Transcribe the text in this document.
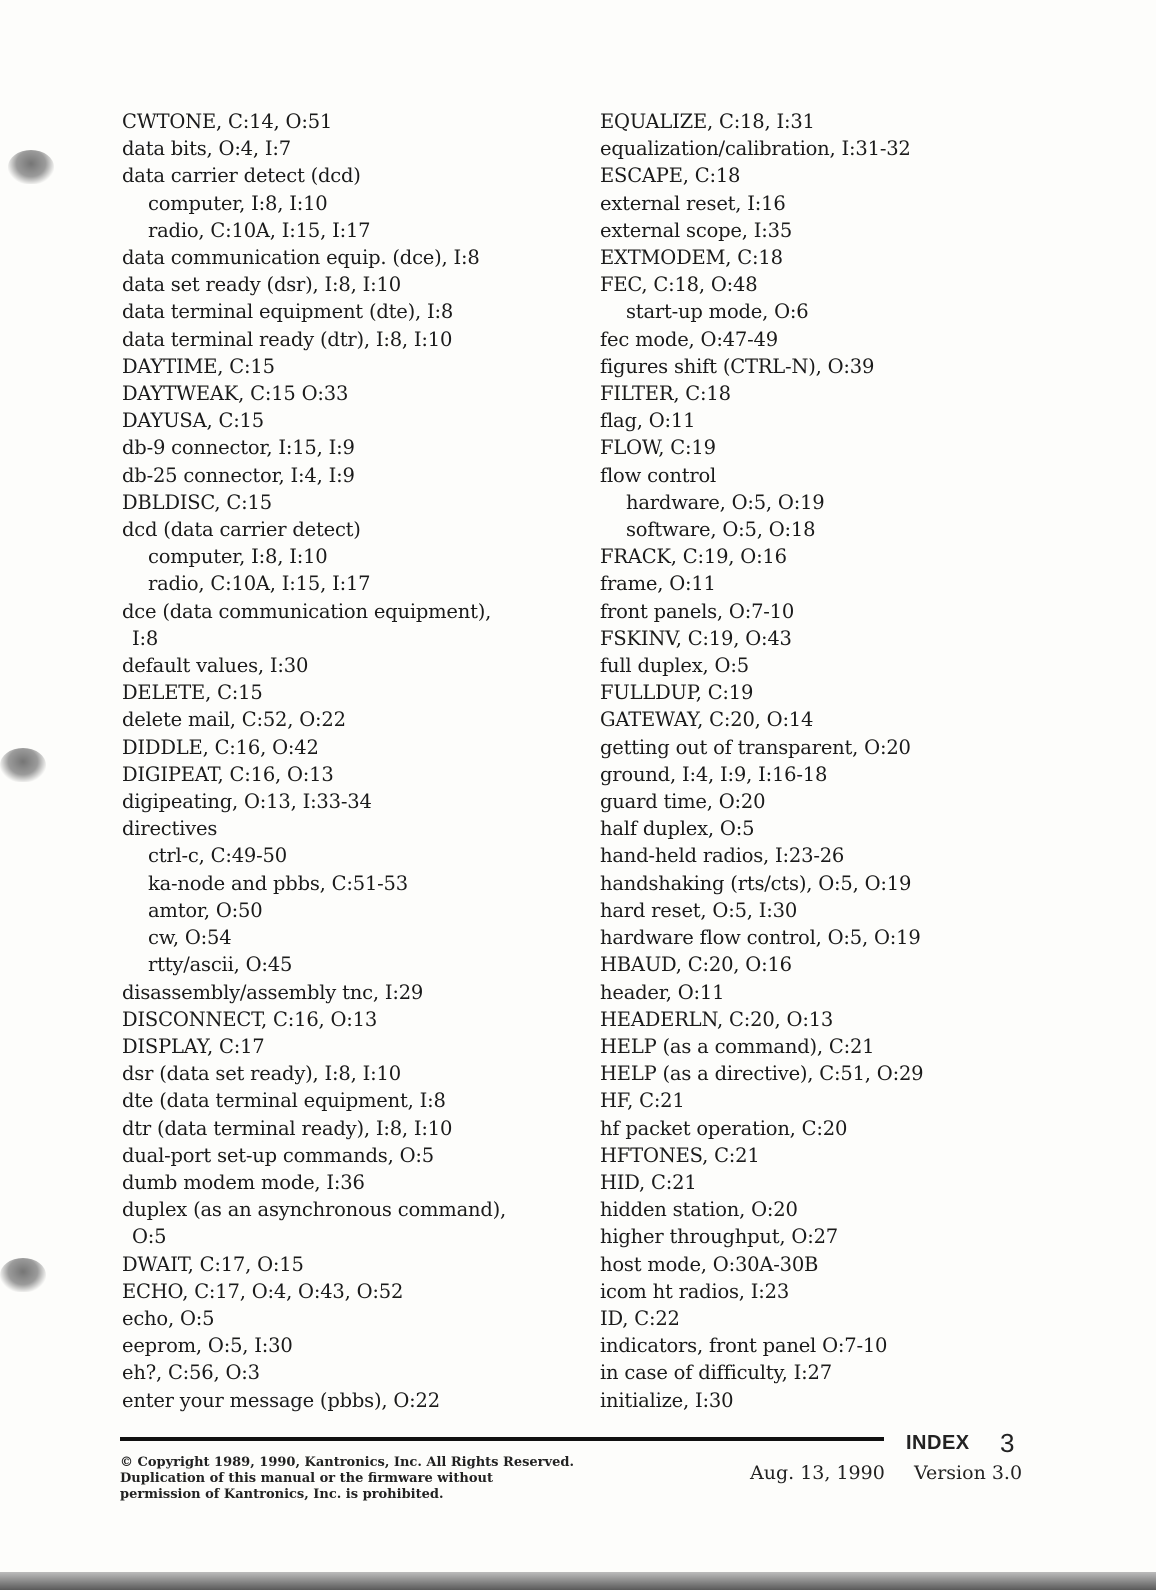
CWTONE, C:14, O:51
data bits, O:4, I:7
data carrier detect (dcd)
computer, I:8, I:10
radio, C:10A, I:15, I:17
data communication equip. (dce), I:8
data set ready (dsr), I:8, I:10
data terminal equipment (dte), I:8
data terminal ready (dtr), I:8, I:10
DAYTIME, C:15
DAYTWEAK, C:15 O:33
DAYUSA, C:15
db-9 connector, I:15, I:9
db-25 connector, I:4, I:9
DBLDISC, C:15
dcd (data carrier detect)
computer, I:8, I:10
radio, C:10A, I:15, I:17
dce (data communication equipment),
I:8
default values, I:30
DELETE, C:15
delete mail, C:52, O:22
DIDDLE, C:16, O:42
DIGIPEAT, C:16, O:13
digipeating, O:13, I:33-34
directives
ctrl-c, C:49-50
ka-node and pbbs, C:51-53
amtor, O:50
cw, O:54
rtty/ascii, O:45
disassembly/assembly tnc, I:29
DISCONNECT, C:16, O:13
DISPLAY, C:17
dsr (data set ready), I:8, I:10
dte (data terminal equipment, I:8
dtr (data terminal ready), I:8, I:10
dual-port set-up commands, O:5
dumb modem mode, I:36
duplex (as an asynchronous command),
O:5
DWAIT, C:17, O:15
ECHO, C:17, O:4, O:43, O:52
echo, O:5
eeprom, O:5, I:30
eh?, C:56, O:3
enter your message (pbbs), O:22
EQUALIZE, C:18, I:31
equalization/calibration, I:31-32
ESCAPE, C:18
external reset, I:16
external scope, I:35
EXTMODEM, C:18
FEC, C:18, O:48
start-up mode, O:6
fec mode, O:47-49
figures shift (CTRL-N), O:39
FILTER, C:18
flag, O:11
FLOW, C:19
flow control
hardware, O:5, O:19
software, O:5, O:18
FRACK, C:19, O:16
frame, O:11
front panels, O:7-10
FSKINV, C:19, O:43
full duplex, O:5
FULLDUP, C:19
GATEWAY, C:20, O:14
getting out of transparent, O:20
ground, I:4, I:9, I:16-18
guard time, O:20
half duplex, O:5
hand-held radios, I:23-26
handshaking (rts/cts), O:5, O:19
hard reset, O:5, I:30
hardware flow control, O:5, O:19
HBAUD, C:20, O:16
header, O:11
HEADERLN, C:20, O:13
HELP (as a command), C:21
HELP (as a directive), C:51, O:29
HF, C:21
hf packet operation, C:20
HFTONES, C:21
HID, C:21
hidden station, O:20
higher throughput, O:27
host mode, O:30A-30B
icom ht radios, I:23
ID, C:22
indicators, front panel O:7-10
in case of difficulty, I:27
initialize, I:30
© Copyright 1989, 1990, Kantronics, Inc. All Rights Reserved.
Duplication of this manual or the firmware without
permission of Kantronics, Inc. is prohibited.
INDEX 3
Aug. 13, 1990 Version 3.0
